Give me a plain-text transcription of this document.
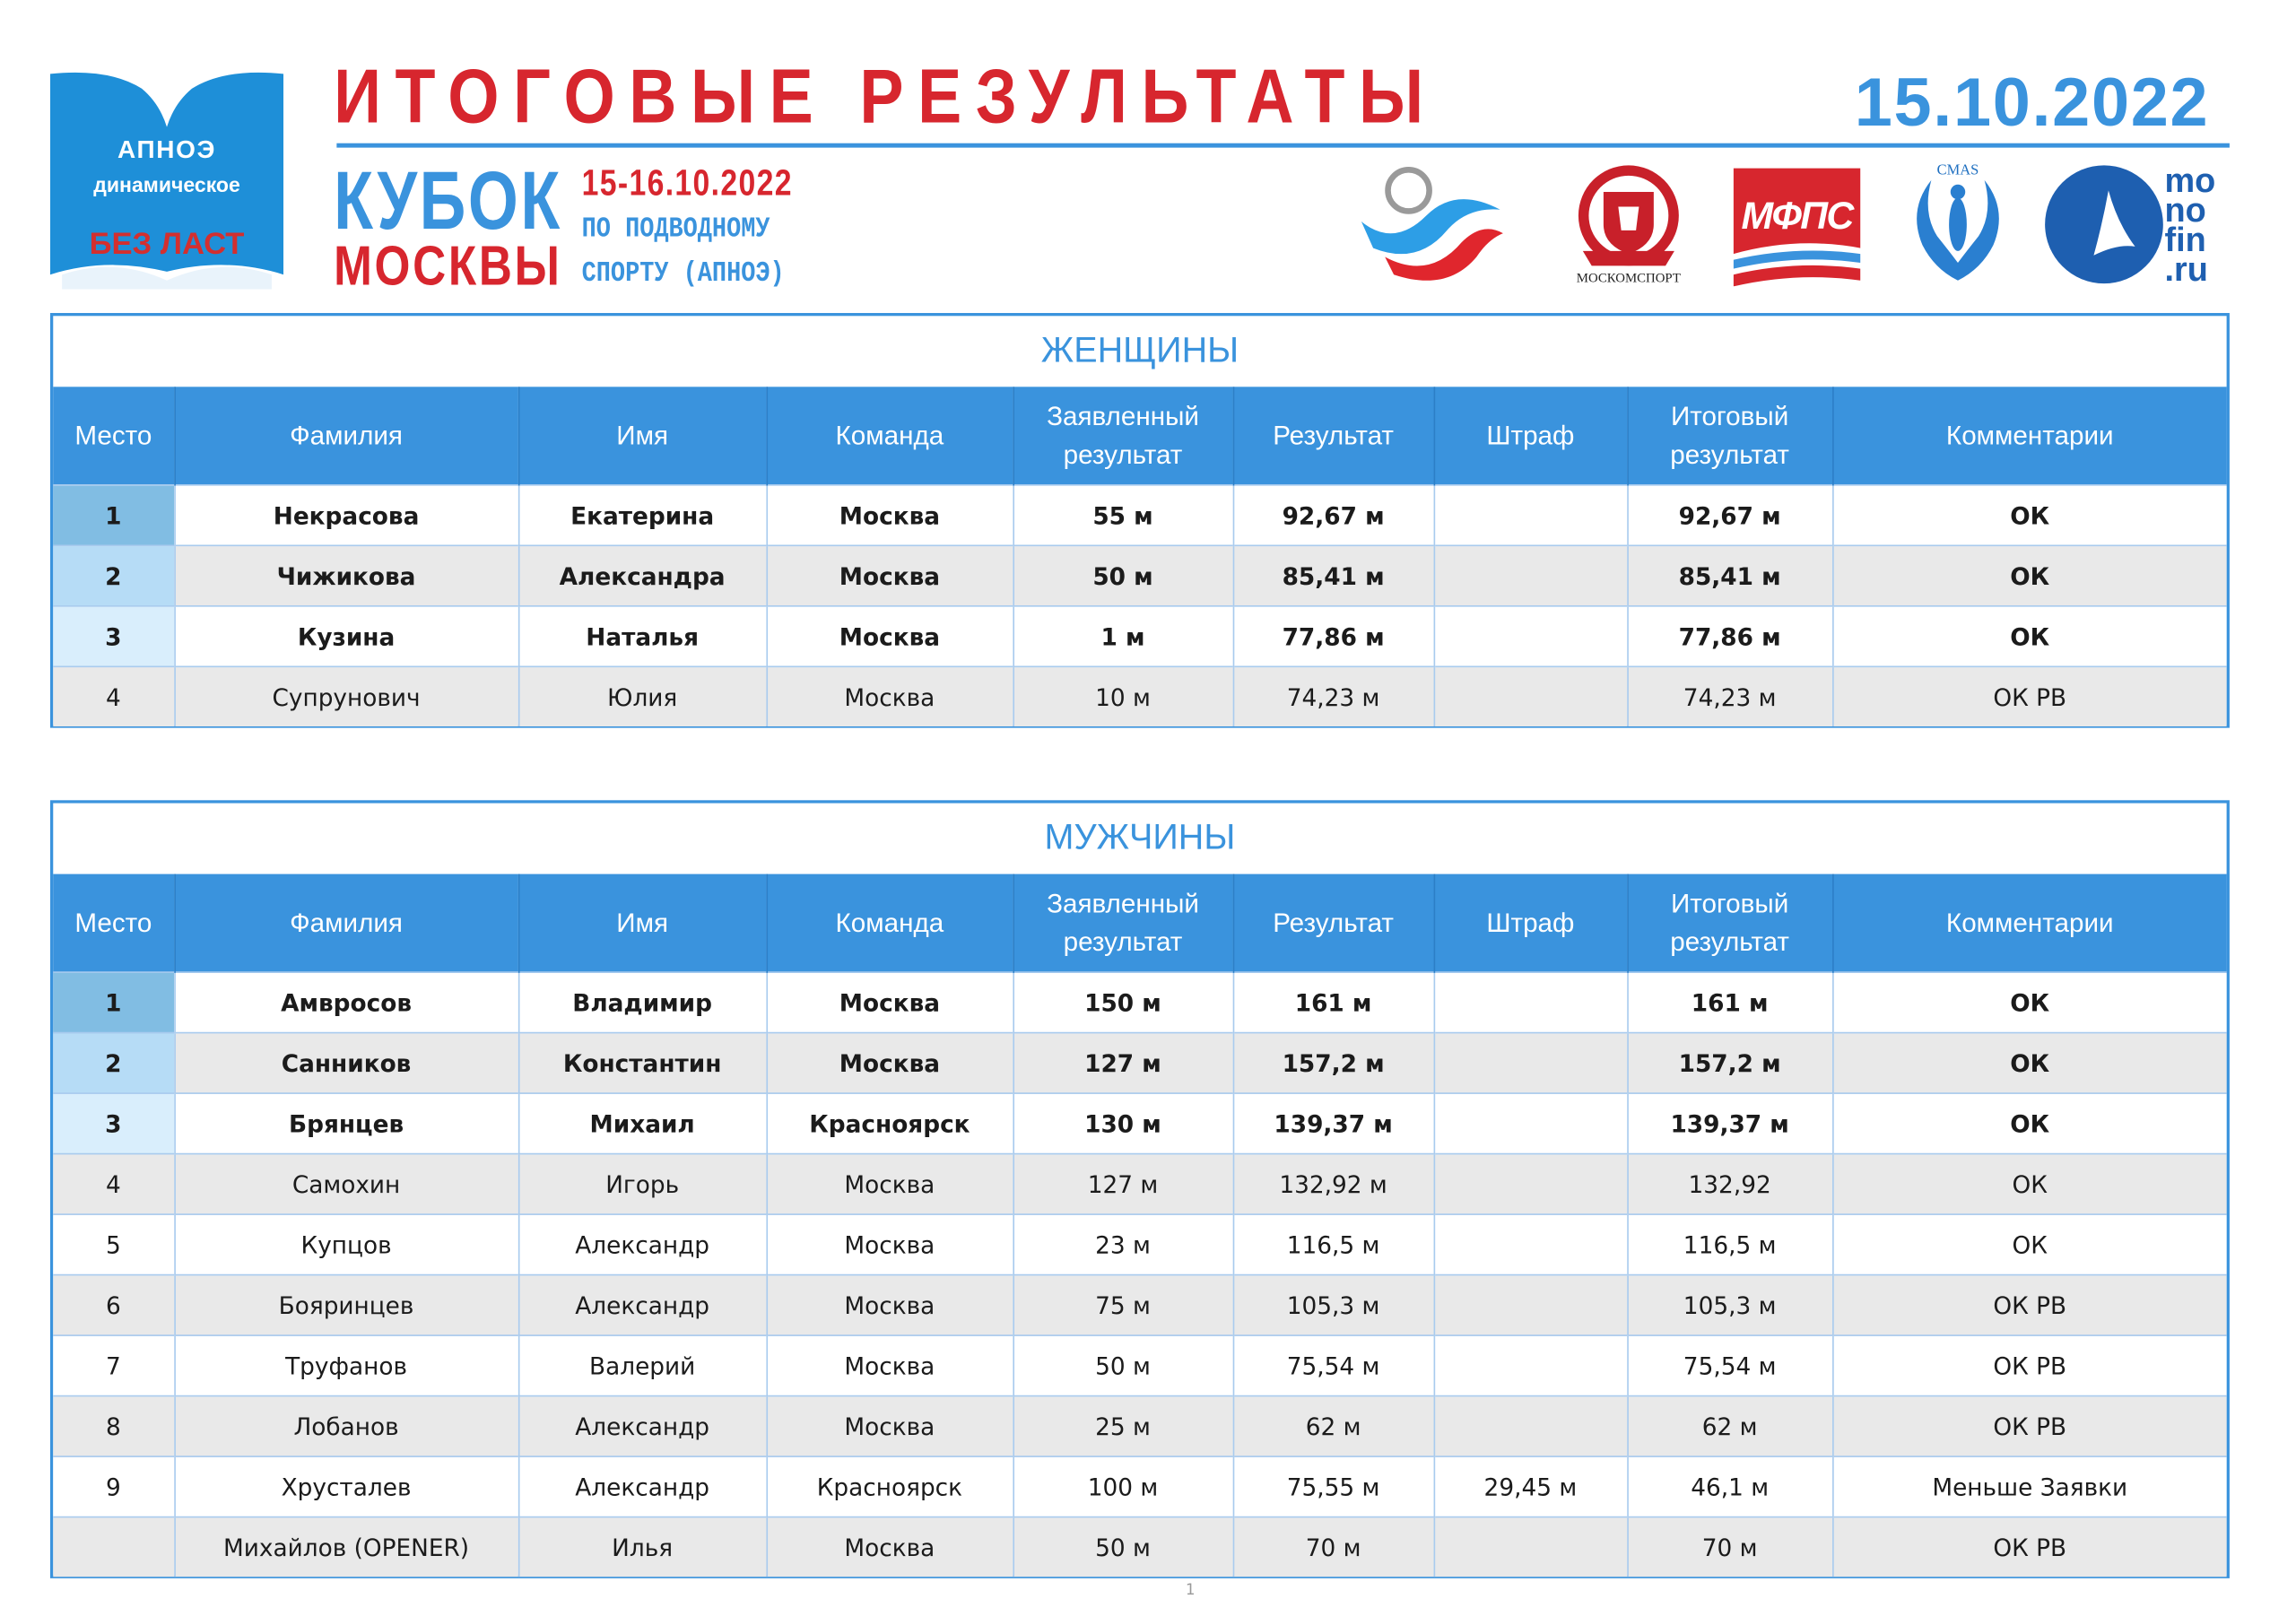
АПНОЭ
динамическое
БЕЗ ЛАСТ
ИТОГОВЫЕ РЕЗУЛЬТАТЫ	15.10.2022
КУБОК
МОСКВЫ
15-16.10.2022
ПО ПОДВОДНОМУ
СПОРТУ (АПНОЭ)	МОСКОМСПОРТ
МФПС
CMAS	mo
no
fin
.ru
ЖЕНЩИНЫ
Место	Фамилия	Имя	Команда	Заявленный результат	Результат	Штраф	Итоговый результат	Комментарии
1	Некрасова	Екатерина	Москва	55 м	92,67 м		92,67 м	ОК
2	Чижикова	Александра	Москва	50 м	85,41 м		85,41 м	ОК
3	Кузина	Наталья	Москва	1 м	77,86 м		77,86 м	ОК
4	Супрунович	Юлия	Москва	10 м	74,23 м		74,23 м	ОК РВ
МУЖЧИНЫ
Место	Фамилия	Имя	Команда	Заявленный результат	Результат	Штраф	Итоговый результат	Комментарии
1	Амвросов	Владимир	Москва	150 м	161 м		161 м	ОК
2	Санников	Константин	Москва	127 м	157,2 м		157,2 м	ОК
3	Брянцев	Михаил	Красноярск	130 м	139,37 м		139,37 м	ОК
4	Самохин	Игорь	Москва	127 м	132,92 м		132,92	ОК
5	Купцов	Александр	Москва	23 м	116,5 м		116,5 м	ОК
6	Бояринцев	Александр	Москва	75 м	105,3 м		105,3 м	ОК РВ
7	Труфанов	Валерий	Москва	50 м	75,54 м		75,54 м	ОК РВ
8	Лобанов	Александр	Москва	25 м	62 м		62 м	ОК РВ
9	Хрусталев	Александр	Красноярск	100 м	75,55 м	29,45 м	46,1 м	Меньше Заявки
	Михайлов (OPENER)	Илья	Москва	50 м	70 м		70 м	ОК РВ
1
